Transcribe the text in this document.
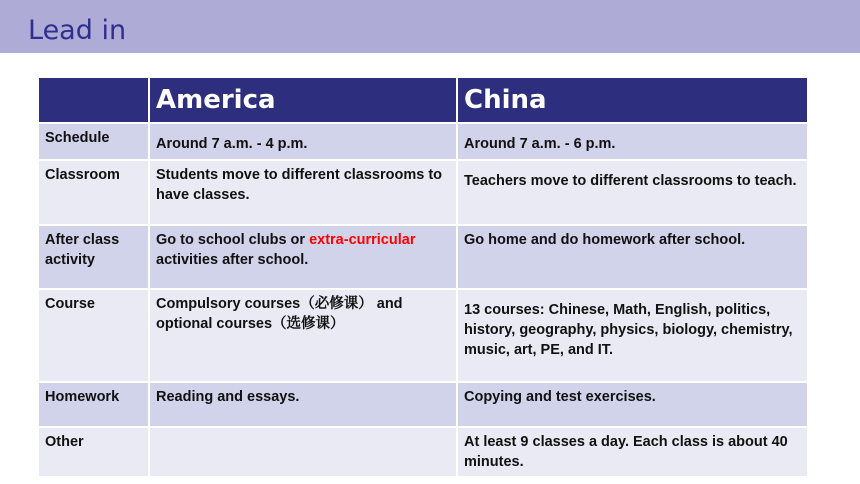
Lead in
	America	China
Schedule	Around 7 a.m. - 4 p.m.	Around 7 a.m. - 6 p.m.
Classroom	Students move to different classrooms to have classes.	Teachers move to different classrooms to teach.
After class activity	Go to school clubs or extra-curricular activities after school.	Go home and do homework after school.
Course	Compulsory courses（必修课） and optional courses（选修课）	13 courses: Chinese, Math, English, politics, history, geography, physics, biology, chemistry, music, art, PE, and IT.
Homework	Reading and essays.	Copying and test exercises.
Other		At least 9 classes a day. Each class is about 40 minutes.
